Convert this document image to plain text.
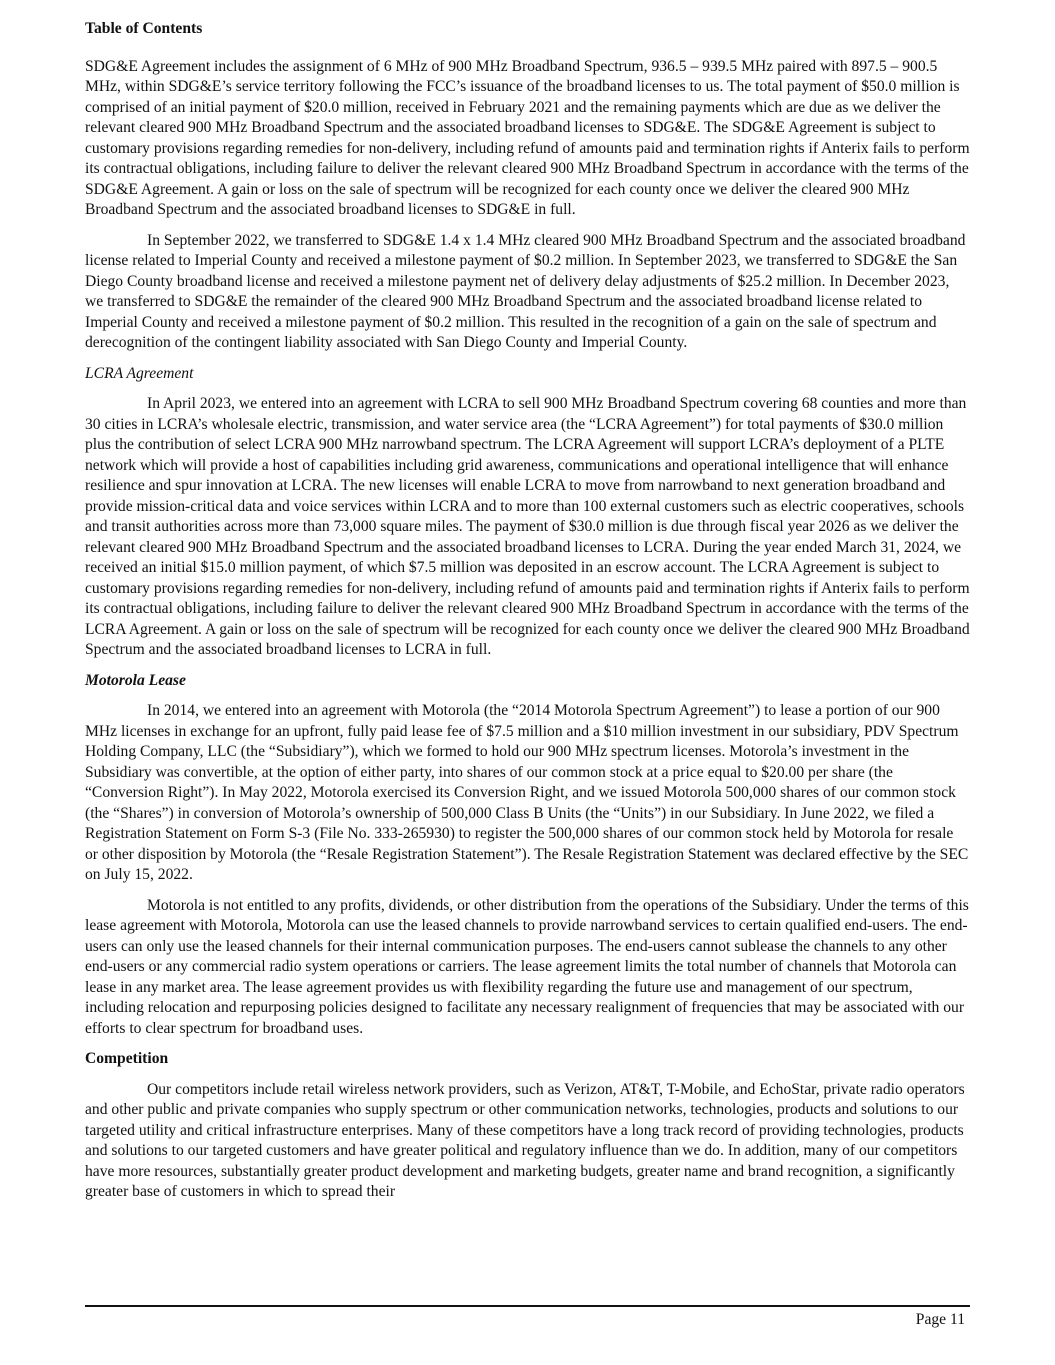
Table of Contents

SDG&E Agreement includes the assignment of 6 MHz of 900 MHz Broadband Spectrum, 936.5 – 939.5 MHz paired with 897.5 – 900.5 MHz, within SDG&E’s service territory following the FCC’s issuance of the broadband licenses to us. The total payment of $50.0 million is comprised of an initial payment of $20.0 million, received in February 2021 and the remaining payments which are due as we deliver the relevant cleared 900 MHz Broadband Spectrum and the associated broadband licenses to SDG&E. The SDG&E Agreement is subject to customary provisions regarding remedies for non-delivery, including refund of amounts paid and termination rights if Anterix fails to perform its contractual obligations, including failure to deliver the relevant cleared 900 MHz Broadband Spectrum in accordance with the terms of the SDG&E Agreement. A gain or loss on the sale of spectrum will be recognized for each county once we deliver the cleared 900 MHz Broadband Spectrum and the associated broadband licenses to SDG&E in full.

In September 2022, we transferred to SDG&E 1.4 x 1.4 MHz cleared 900 MHz Broadband Spectrum and the associated broadband license related to Imperial County and received a milestone payment of $0.2 million. In September 2023, we transferred to SDG&E the San Diego County broadband license and received a milestone payment net of delivery delay adjustments of $25.2 million. In December 2023, we transferred to SDG&E the remainder of the cleared 900 MHz Broadband Spectrum and the associated broadband license related to Imperial County and received a milestone payment of $0.2 million. This resulted in the recognition of a gain on the sale of spectrum and derecognition of the contingent liability associated with San Diego County and Imperial County.

LCRA Agreement

In April 2023, we entered into an agreement with LCRA to sell 900 MHz Broadband Spectrum covering 68 counties and more than 30 cities in LCRA’s wholesale electric, transmission, and water service area (the “LCRA Agreement”) for total payments of $30.0 million plus the contribution of select LCRA 900 MHz narrowband spectrum. The LCRA Agreement will support LCRA’s deployment of a PLTE network which will provide a host of capabilities including grid awareness, communications and operational intelligence that will enhance resilience and spur innovation at LCRA. The new licenses will enable LCRA to move from narrowband to next generation broadband and provide mission-critical data and voice services within LCRA and to more than 100 external customers such as electric cooperatives, schools and transit authorities across more than 73,000 square miles. The payment of $30.0 million is due through fiscal year 2026 as we deliver the relevant cleared 900 MHz Broadband Spectrum and the associated broadband licenses to LCRA. During the year ended March 31, 2024, we received an initial $15.0 million payment, of which $7.5 million was deposited in an escrow account. The LCRA Agreement is subject to customary provisions regarding remedies for non-delivery, including refund of amounts paid and termination rights if Anterix fails to perform its contractual obligations, including failure to deliver the relevant cleared 900 MHz Broadband Spectrum in accordance with the terms of the LCRA Agreement. A gain or loss on the sale of spectrum will be recognized for each county once we deliver the cleared 900 MHz Broadband Spectrum and the associated broadband licenses to LCRA in full.

Motorola Lease

In 2014, we entered into an agreement with Motorola (the “2014 Motorola Spectrum Agreement”) to lease a portion of our 900 MHz licenses in exchange for an upfront, fully paid lease fee of $7.5 million and a $10 million investment in our subsidiary, PDV Spectrum Holding Company, LLC (the “Subsidiary”), which we formed to hold our 900 MHz spectrum licenses. Motorola’s investment in the Subsidiary was convertible, at the option of either party, into shares of our common stock at a price equal to $20.00 per share (the “Conversion Right”). In May 2022, Motorola exercised its Conversion Right, and we issued Motorola 500,000 shares of our common stock (the “Shares”) in conversion of Motorola’s ownership of 500,000 Class B Units (the “Units”) in our Subsidiary. In June 2022, we filed a Registration Statement on Form S-3 (File No. 333-265930) to register the 500,000 shares of our common stock held by Motorola for resale or other disposition by Motorola (the “Resale Registration Statement”). The Resale Registration Statement was declared effective by the SEC on July 15, 2022.

Motorola is not entitled to any profits, dividends, or other distribution from the operations of the Subsidiary. Under the terms of this lease agreement with Motorola, Motorola can use the leased channels to provide narrowband services to certain qualified end-users. The end-users can only use the leased channels for their internal communication purposes. The end-users cannot sublease the channels to any other end-users or any commercial radio system operations or carriers. The lease agreement limits the total number of channels that Motorola can lease in any market area. The lease agreement provides us with flexibility regarding the future use and management of our spectrum, including relocation and repurposing policies designed to facilitate any necessary realignment of frequencies that may be associated with our efforts to clear spectrum for broadband uses.

Competition

Our competitors include retail wireless network providers, such as Verizon, AT&T, T-Mobile, and EchoStar, private radio operators and other public and private companies who supply spectrum or other communication networks, technologies, products and solutions to our targeted utility and critical infrastructure enterprises. Many of these competitors have a long track record of providing technologies, products and solutions to our targeted customers and have greater political and regulatory influence than we do. In addition, many of our competitors have more resources, substantially greater product development and marketing budgets, greater name and brand recognition, a significantly greater base of customers in which to spread their

Page 11
